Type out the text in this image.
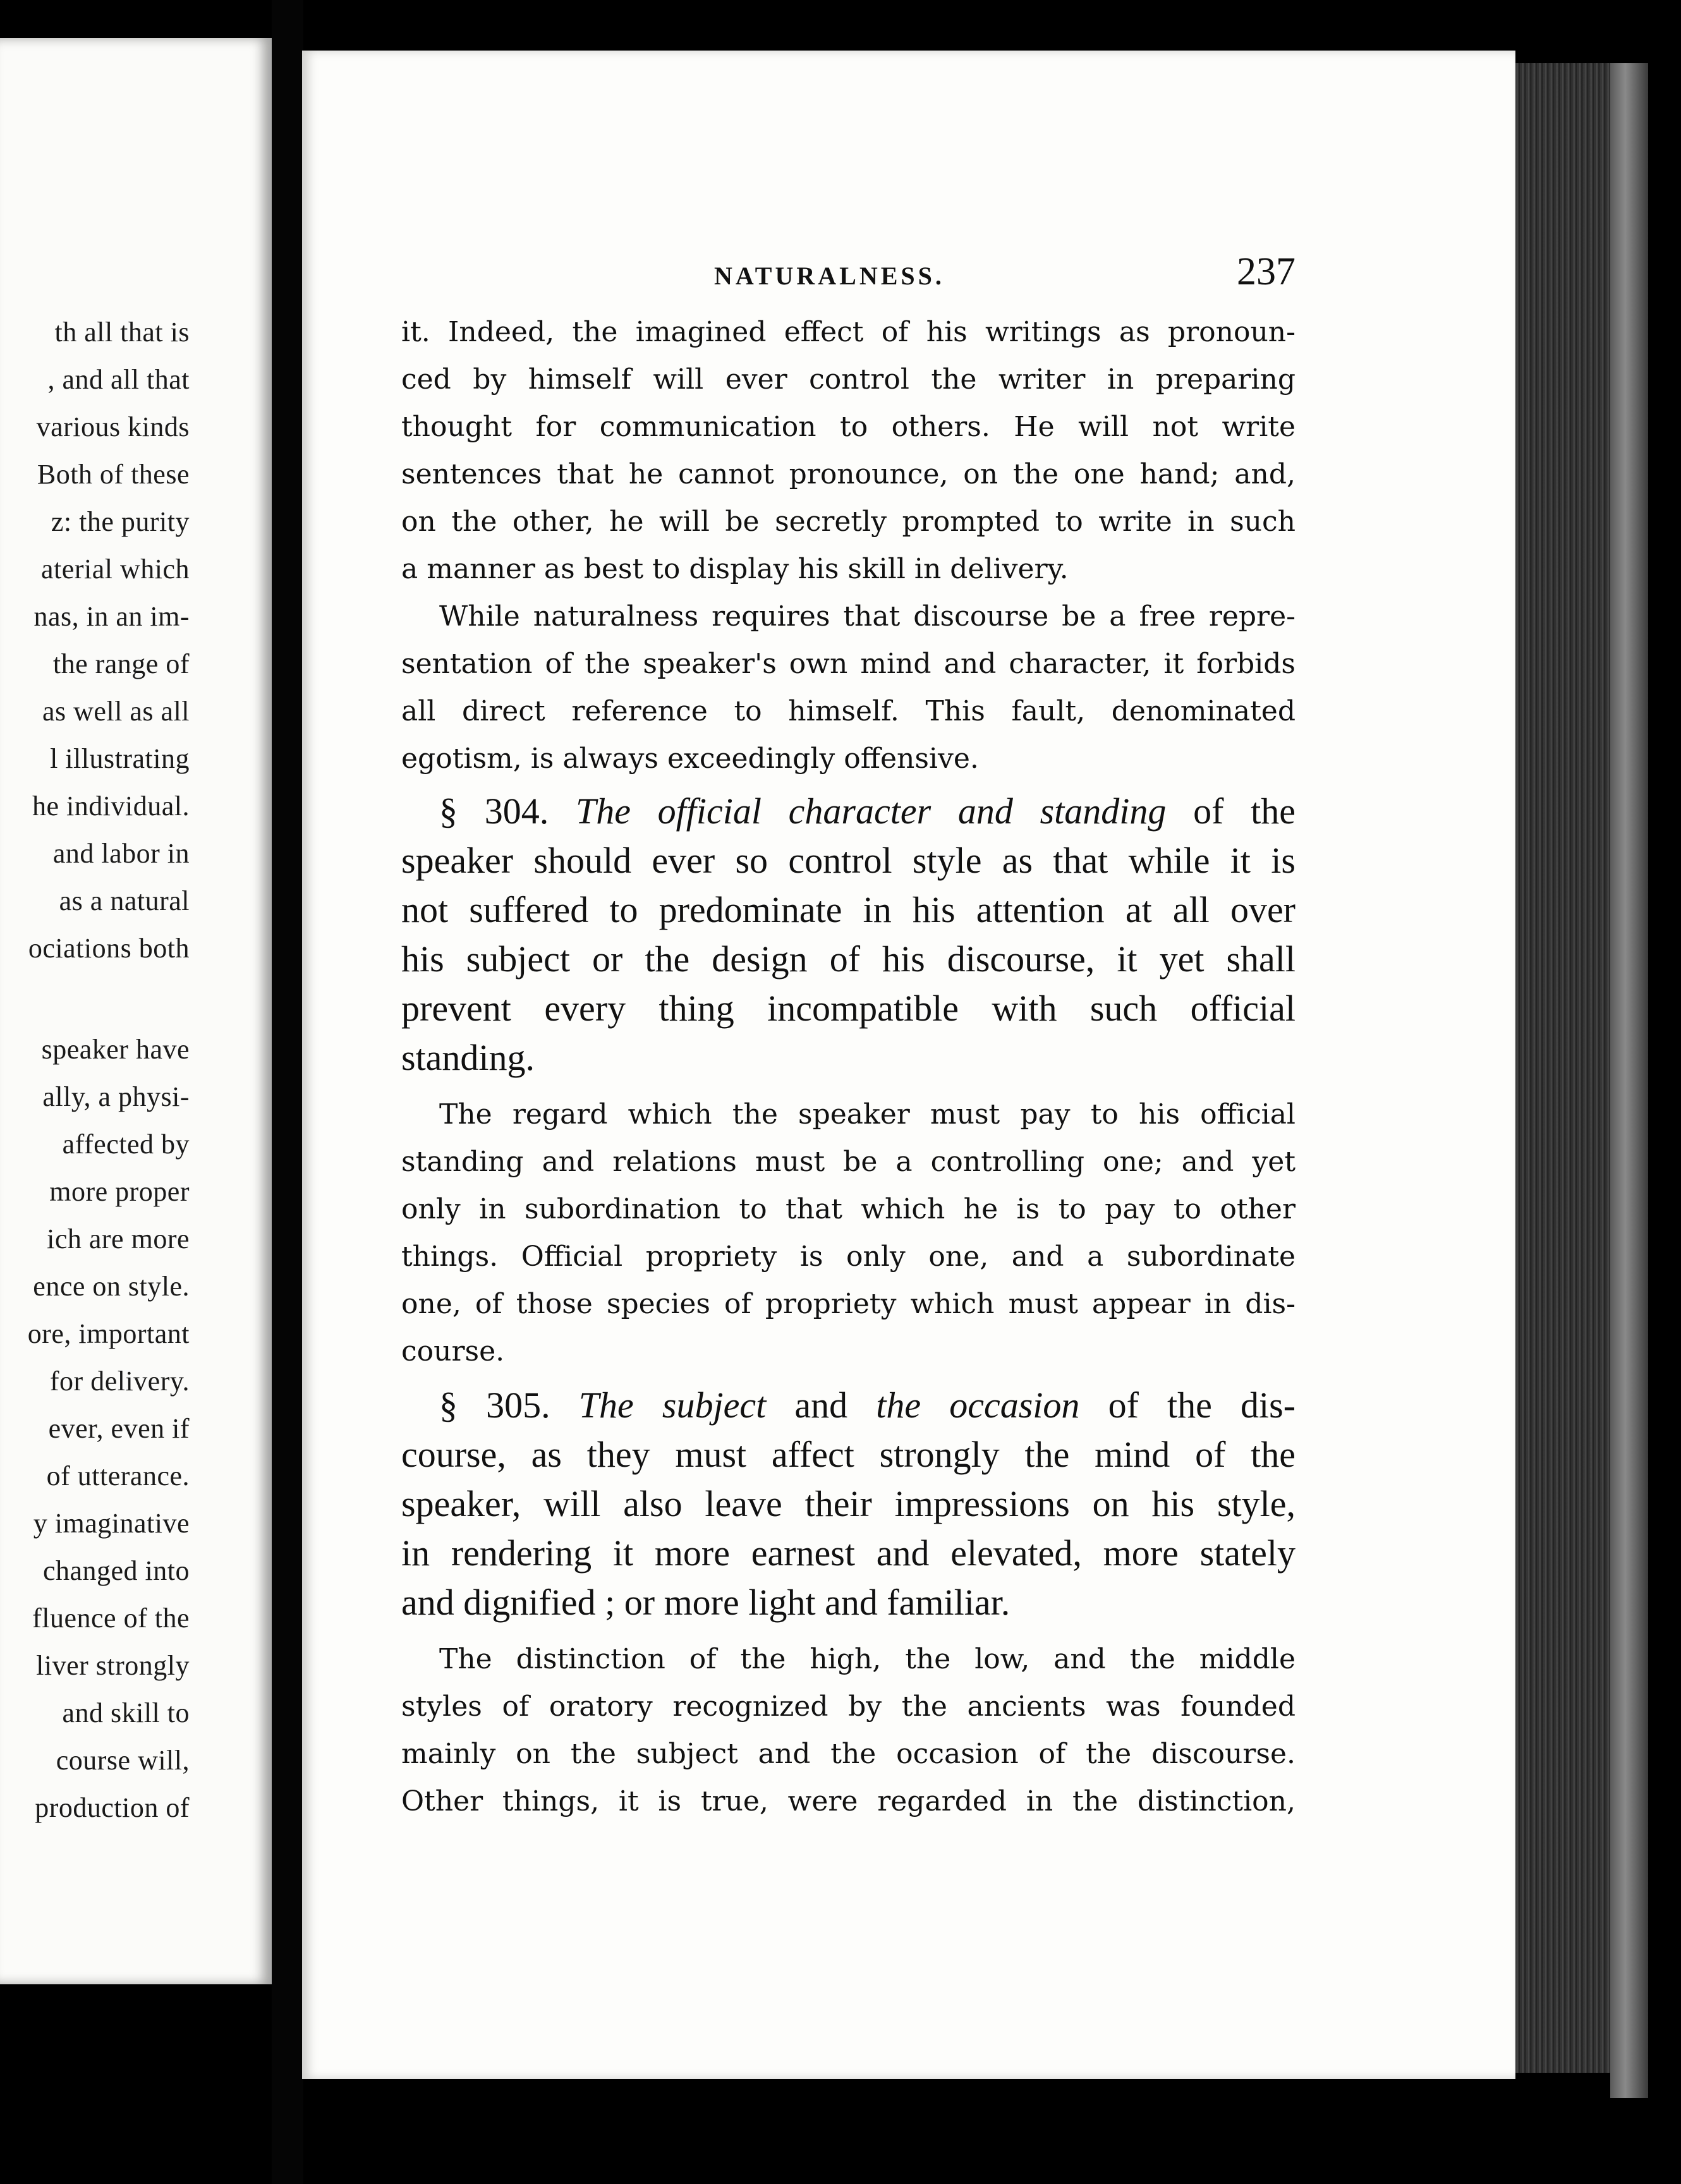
th all that is
, and all that
various kinds
Both of these
z: the purity
aterial which
nas, in an im-
the range of
as well as all
l illustrating
he individual.
and labor in
as a natural
ociations both
speaker have
ally, a physi-
affected by
more proper
ich are more
ence on style.
ore, important
for delivery.
ever, even if
of utterance.
y imaginative
changed into
fluence of the
liver strongly
and skill to
course will,
production of
NATURALNESS.	237
it. Indeed, the imagined effect of his writings as pronoun-
ced by himself will ever control the writer in preparing
thought for communication to others. He will not write
sentences that he cannot pronounce, on the one hand; and,
on the other, he will be secretly prompted to write in such
a manner as best to display his skill in delivery.
While naturalness requires that discourse be a free repre-
sentation of the speaker's own mind and character, it forbids
all direct reference to himself. This fault, denominated
egotism, is always exceedingly offensive.
§ 304. The official character and standing of the
speaker should ever so control style as that while it is
not suffered to predominate in his attention at all over
his subject or the design of his discourse, it yet shall
prevent every thing incompatible with such official
standing.
The regard which the speaker must pay to his official
standing and relations must be a controlling one; and yet
only in subordination to that which he is to pay to other
things. Official propriety is only one, and a subordinate
one, of those species of propriety which must appear in dis-
course.
§ 305. The subject and the occasion of the dis-
course, as they must affect strongly the mind of the
speaker, will also leave their impressions on his style,
in rendering it more earnest and elevated, more stately
and dignified ; or more light and familiar.
The distinction of the high, the low, and the middle
styles of oratory recognized by the ancients was founded
mainly on the subject and the occasion of the discourse.
Other things, it is true, were regarded in the distinction,
